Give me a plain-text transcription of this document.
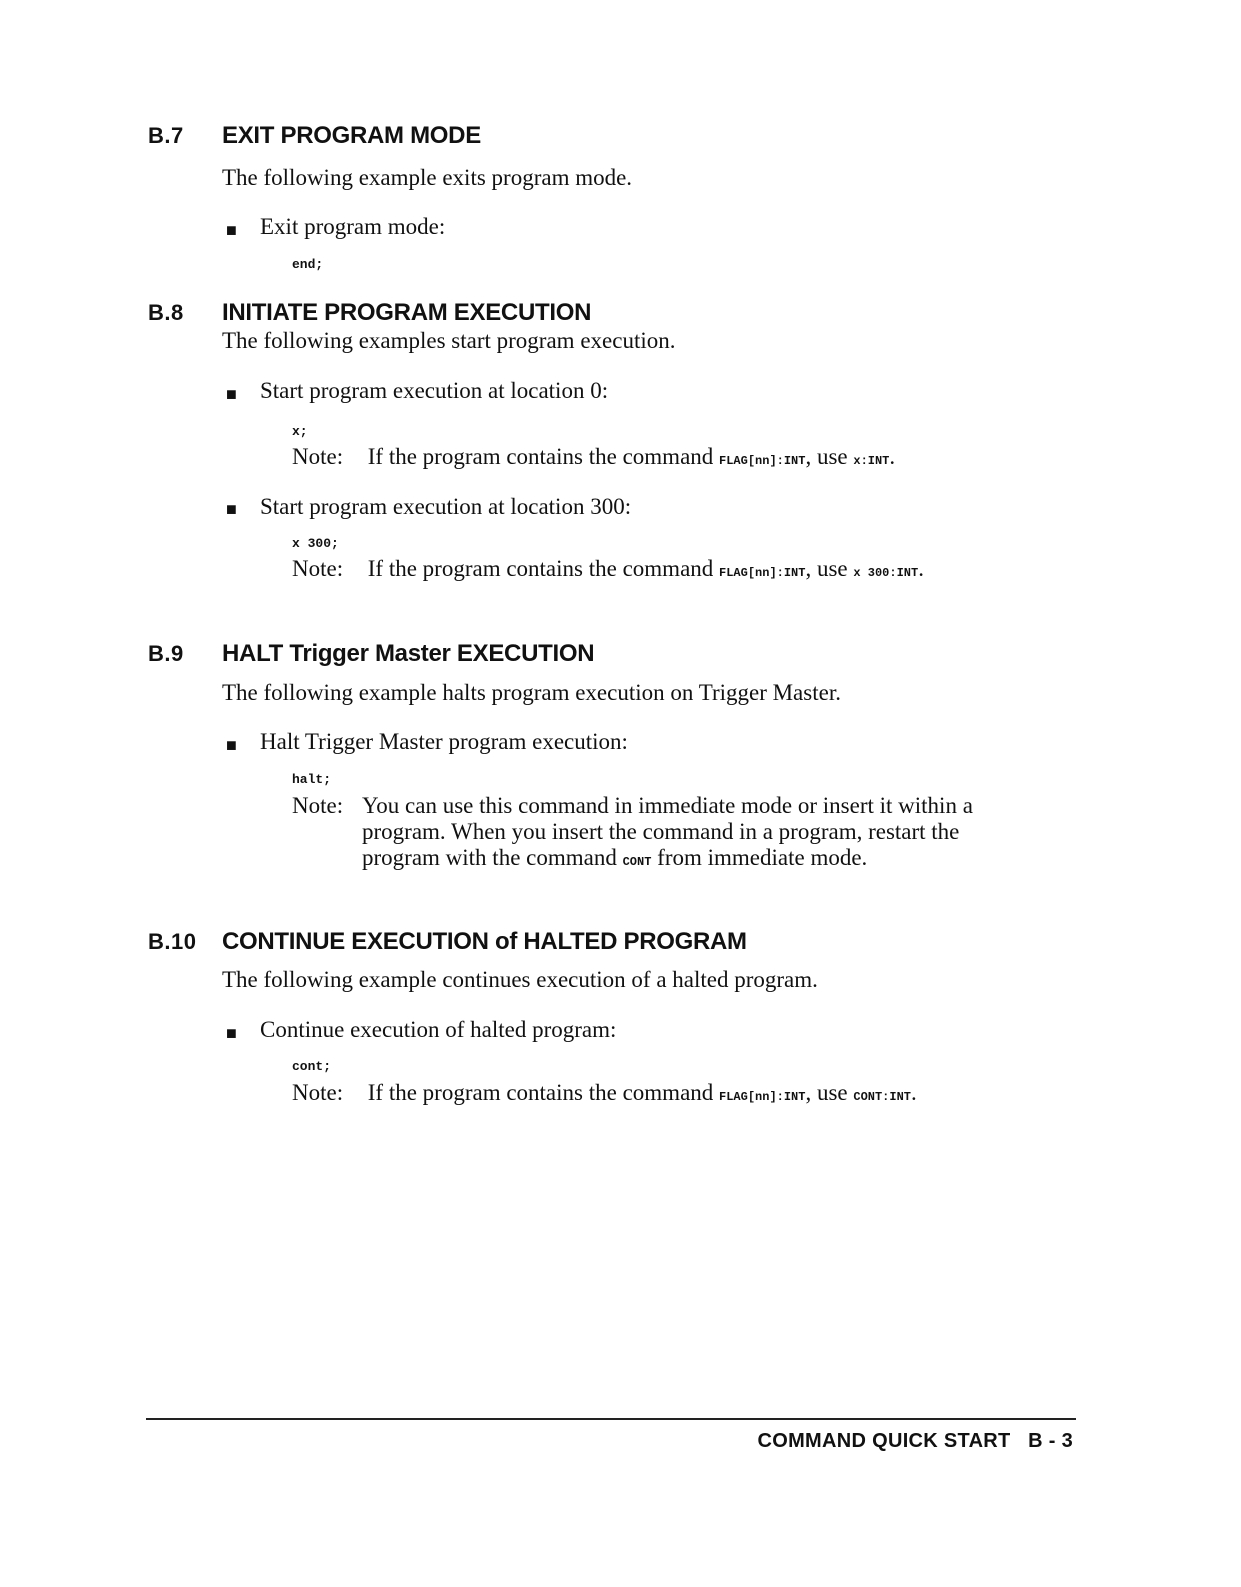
B.7 EXIT PROGRAM MODE
The following example exits program mode.
■ Exit program mode:
end;
B.8 INITIATE PROGRAM EXECUTION
The following examples start program execution.
■ Start program execution at location 0:
x;
Note: If the program contains the command FLAG[nn]:INT, use x:INT.
■ Start program execution at location 300:
x 300;
Note: If the program contains the command FLAG[nn]:INT, use x 300:INT.
B.9 HALT Trigger Master EXECUTION
The following example halts program execution on Trigger Master.
■ Halt Trigger Master program execution:
halt;
Note: You can use this command in immediate mode or insert it within a
program. When you insert the command in a program, restart the
program with the command CONT from immediate mode.
B.10 CONTINUE EXECUTION of HALTED PROGRAM
The following example continues execution of a halted program.
■ Continue execution of halted program:
cont;
Note: If the program contains the command FLAG[nn]:INT, use CONT:INT.
COMMAND QUICK START B - 3
